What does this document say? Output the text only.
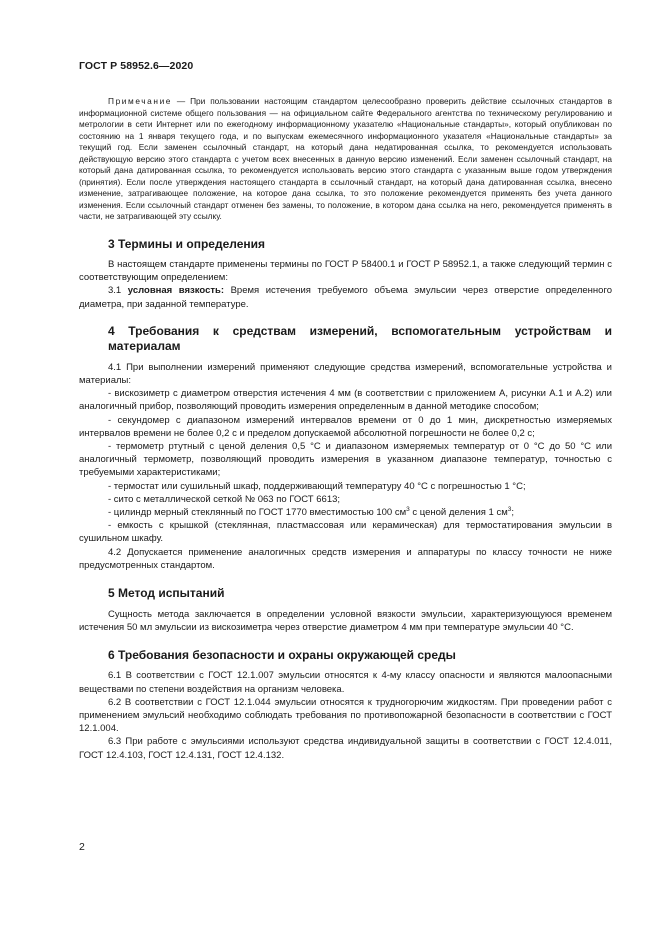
ГОСТ Р 58952.6—2020

Примечание — При пользовании настоящим стандартом целесообразно проверить действие ссылочных стандартов в информационной системе общего пользования — на официальном сайте Федерального агентства по техническому регулированию и метрологии в сети Интернет или по ежегодному информационному указателю «Национальные стандарты», который опубликован по состоянию на 1 января текущего года, и по выпускам ежемесячного информационного указателя «Национальные стандарты» за текущий год. Если заменен ссылочный стандарт, на который дана недатированная ссылка, то рекомендуется использовать действующую версию этого стандарта с учетом всех внесенных в данную версию изменений. Если заменен ссылочный стандарт, на который дана датированная ссылка, то рекомендуется использовать версию этого стандарта с указанным выше годом утверждения (принятия). Если после утверждения настоящего стандарта в ссылочный стандарт, на который дана датированная ссылка, внесено изменение, затрагивающее положение, на которое дана ссылка, то это положение рекомендуется применять без учета данного изменения. Если ссылочный стандарт отменен без замены, то положение, в котором дана ссылка на него, рекомендуется применять в части, не затрагивающей эту ссылку.

3 Термины и определения

В настоящем стандарте применены термины по ГОСТ Р 58400.1 и ГОСТ Р 58952.1, а также следующий термин с соответствующим определением:

3.1 условная вязкость: Время истечения требуемого объема эмульсии через отверстие определенного диаметра, при заданной температуре.

4 Требования к средствам измерений, вспомогательным устройствам и материалам

4.1 При выполнении измерений применяют следующие средства измерений, вспомогательные устройства и материалы:

- вискозиметр с диаметром отверстия истечения 4 мм (в соответствии с приложением А, рисунки А.1 и А.2) или аналогичный прибор, позволяющий проводить измерения определенным в данной методике способом;

- секундомер с диапазоном измерений интервалов времени от 0 до 1 мин, дискретностью измеряемых интервалов времени не более 0,2 с и пределом допускаемой абсолютной погрешности не более 0,2 с;

- термометр ртутный с ценой деления 0,5 °С и диапазоном измеряемых температур от 0 °С до 50 °С или аналогичный термометр, позволяющий проводить измерения в указанном диапазоне температур, точностью с требуемыми характеристиками;

- термостат или сушильный шкаф, поддерживающий температуру 40 °С с погрешностью 1 °С;

- сито с металлической сеткой № 063 по ГОСТ 6613;

- цилиндр мерный стеклянный по ГОСТ 1770 вместимостью 100 $см^3$ с ценой деления 1 $см^3$;

- емкость с крышкой (стеклянная, пластмассовая или керамическая) для термостатирования эмульсии в сушильном шкафу.

4.2 Допускается применение аналогичных средств измерения и аппаратуры по классу точности не ниже предусмотренных стандартом.

5 Метод испытаний

Сущность метода заключается в определении условной вязкости эмульсии, характеризующуюся временем истечения 50 мл эмульсии из вискозиметра через отверстие диаметром 4 мм при температуре эмульсии 40 °С.

6 Требования безопасности и охраны окружающей среды

6.1 В соответствии с ГОСТ 12.1.007 эмульсии относятся к 4-му классу опасности и являются малоопасными веществами по степени воздействия на организм человека.

6.2 В соответствии с ГОСТ 12.1.044 эмульсии относятся к трудногорючим жидкостям. При проведении работ с применением эмульсий необходимо соблюдать требования по противопожарной безопасности в соответствии с ГОСТ 12.1.004.

6.3 При работе с эмульсиями используют средства индивидуальной защиты в соответствии с ГОСТ 12.4.011, ГОСТ 12.4.103, ГОСТ 12.4.131, ГОСТ 12.4.132.

2
